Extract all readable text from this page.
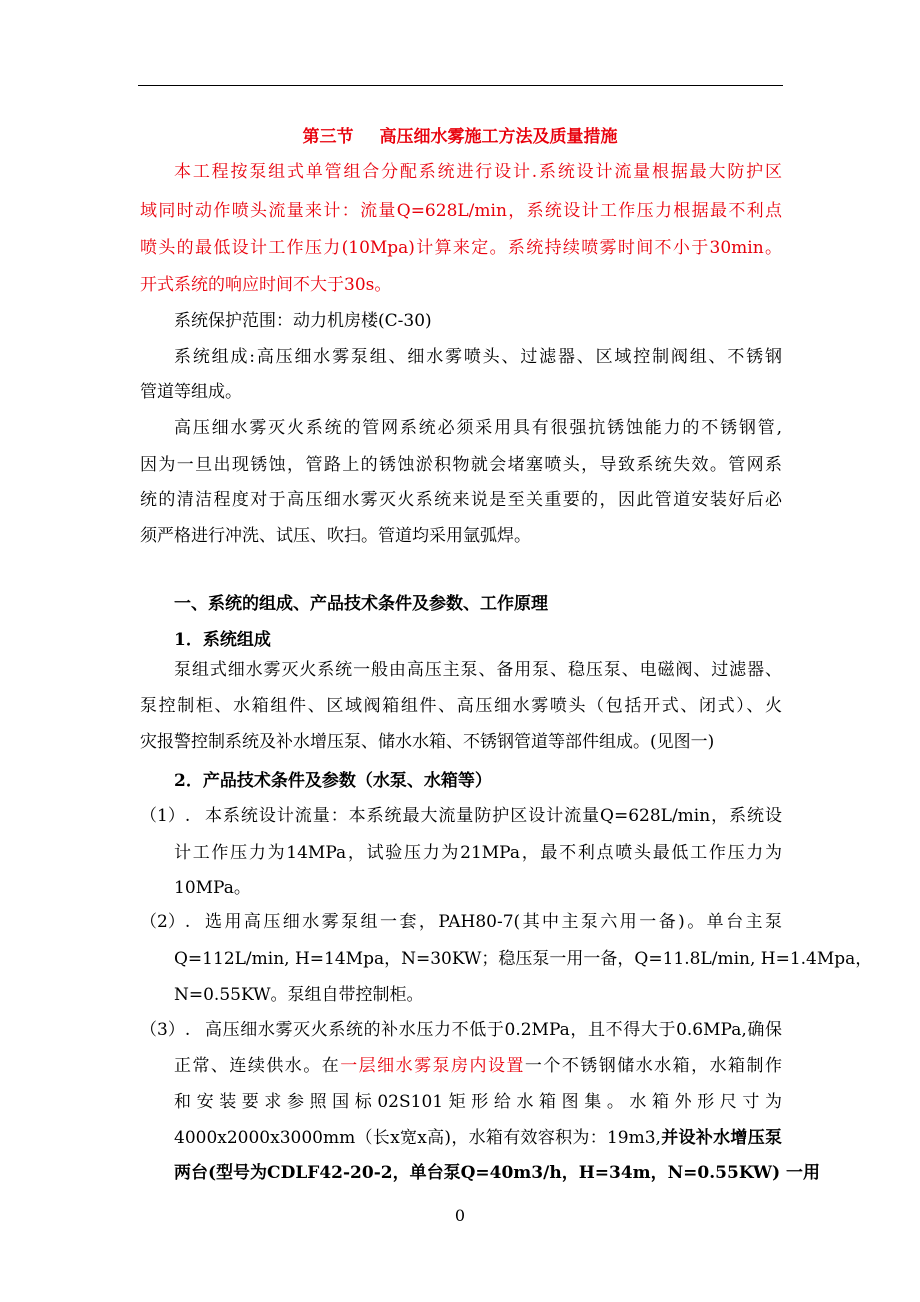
第三节 高压细水雾施工方法及质量措施
本工程按泵组式单管组合分配系统进行设计.系统设计流量根据最大防护区
域同时动作喷头流量来计：流量Q=628L/min，系统设计工作压力根据最不利点
喷头的最低设计工作压力(10Mpa)计算来定。系统持续喷雾时间不小于30min。
开式系统的响应时间不大于30s。
系统保护范围：动力机房楼(C-30)
系统组成:高压细水雾泵组、细水雾喷头、过滤器、区域控制阀组、不锈钢
管道等组成。
高压细水雾灭火系统的管网系统必须采用具有很强抗锈蚀能力的不锈钢管,
因为一旦出现锈蚀，管路上的锈蚀淤积物就会堵塞喷头，导致系统失效。管网系
统的清洁程度对于高压细水雾灭火系统来说是至关重要的，因此管道安装好后必
须严格进行冲洗、试压、吹扫。管道均采用氩弧焊。
一、系统的组成、产品技术条件及参数、工作原理
1．系统组成
泵组式细水雾灭火系统一般由高压主泵、备用泵、稳压泵、电磁阀、过滤器、
泵控制柜、水箱组件、区域阀箱组件、高压细水雾喷头（包括开式、闭式）、火
灾报警控制系统及补水增压泵、储水水箱、不锈钢管道等部件组成。(见图一)
2．产品技术条件及参数（水泵、水箱等）
（1）. 本系统设计流量：本系统最大流量防护区设计流量Q=628L/min，系统设
计工作压力为14MPa，试验压力为21MPa，最不利点喷头最低工作压力为
10MPa。
（2）. 选用高压细水雾泵组一套，PAH80-7(其中主泵六用一备)。单台主泵
Q=112L/min, H=14Mpa，N=30KW；稳压泵一用一备，Q=11.8L/min, H=1.4Mpa，
N=0.55KW。泵组自带控制柜。
（3）. 高压细水雾灭火系统的补水压力不低于0.2MPa，且不得大于0.6MPa,确保
正常、连续供水。在一层细水雾泵房内设置一个不锈钢储水水箱，水箱制作
和安装要求参照国标02S101矩形给水箱图集。水箱外形尺寸为
4000x2000x3000mm（长x宽x高)，水箱有效容积为：19m3,并设补水增压泵
两台(型号为CDLF42-20-2，单台泵Q=40m3/h，H=34m，N=0.55KW) 一用
0
